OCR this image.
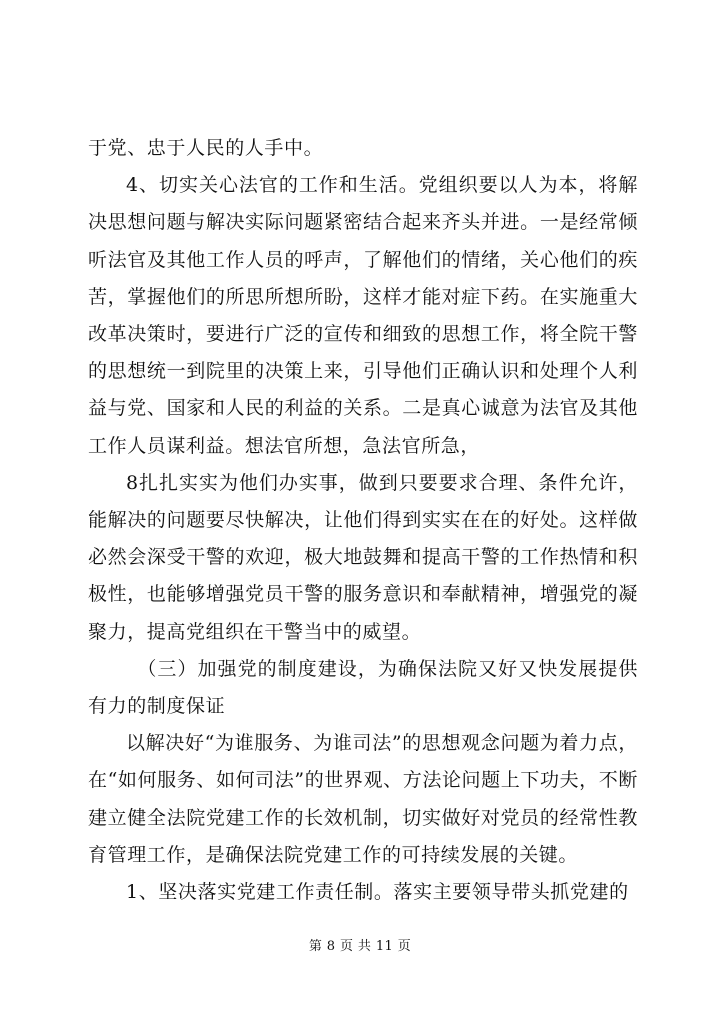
于党、忠于人民的人手中。

4、切实关心法官的工作和生活。党组织要以人为本，将解决思想问题与解决实际问题紧密结合起来齐头并进。一是经常倾听法官及其他工作人员的呼声，了解他们的情绪，关心他们的疾苦，掌握他们的所思所想所盼，这样才能对症下药。在实施重大改革决策时，要进行广泛的宣传和细致的思想工作，将全院干警的思想统一到院里的决策上来，引导他们正确认识和处理个人利益与党、国家和人民的利益的关系。二是真心诚意为法官及其他工作人员谋利益。想法官所想，急法官所急，

8扎扎实实为他们办实事，做到只要要求合理、条件允许，能解决的问题要尽快解决，让他们得到实实在在的好处。这样做必然会深受干警的欢迎，极大地鼓舞和提高干警的工作热情和积极性，也能够增强党员干警的服务意识和奉献精神，增强党的凝聚力，提高党组织在干警当中的威望。

（三）加强党的制度建设，为确保法院又好又快发展提供有力的制度保证

以解决好“为谁服务、为谁司法”的思想观念问题为着力点，在“如何服务、如何司法”的世界观、方法论问题上下功夫，不断建立健全法院党建工作的长效机制，切实做好对党员的经常性教育管理工作，是确保法院党建工作的可持续发展的关键。

1、坚决落实党建工作责任制。落实主要领导带头抓党建的

第 8 页 共 11 页
